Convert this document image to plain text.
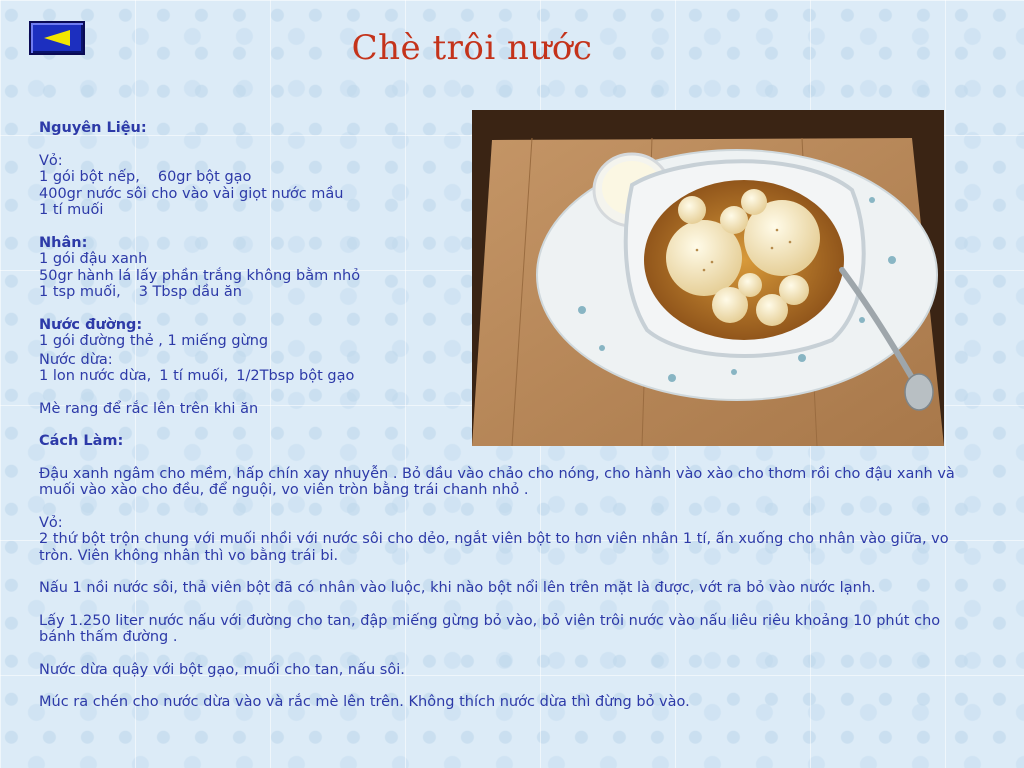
Chè trôi nước

Nguyên Liệu:

Vỏ:
1 gói bột nếp, 60gr bột gạo
400gr nước sôi cho vào vài giọt nước mầu
1 tí muối

Nhân:
1 gói đậu xanh
50gr hành lá lấy phần trắng không bằm nhỏ
1 tsp muối, 3 Tbsp dầu ăn

Nước đường:
1 gói đường thẻ , 1 miếng gừng

Nước dừa:
1 lon nước dừa, 1 tí muối, 1/2Tbsp bột gạo

Mè rang để rắc lên trên khi ăn

Cách Làm:

Đậu xanh ngâm cho mềm, hấp chín xay nhuyễn . Bỏ dầu vào chảo cho nóng, cho hành vào xào cho thơm rồi cho đậu xanh và muối vào xào cho đều, để nguội, vo viên tròn bằng trái chanh nhỏ .

Vỏ:
2 thứ bột trộn chung với muối nhồi với nước sôi cho dẻo, ngắt viên bột to hơn viên nhân 1 tí, ấn xuống cho nhân vào giữa, vo tròn. Viên không nhân thì vo bằng trái bi.

Nấu 1 nồi nước sôi, thả viên bột đã có nhân vào luộc, khi nào bột nổi lên trên mặt là được, vớt ra bỏ vào nước lạnh.

Lấy 1.250 liter nước nấu với đường cho tan, đập miếng gừng bỏ vào, bỏ viên trôi nước vào nấu liêu riêu khoảng 10 phút cho bánh thấm đường .

Nước dừa quậy với bột gạo, muối cho tan, nấu sôi.

Múc ra chén cho nước dừa vào và rắc mè lên trên. Không thích nước dừa thì đừng bỏ vào.
